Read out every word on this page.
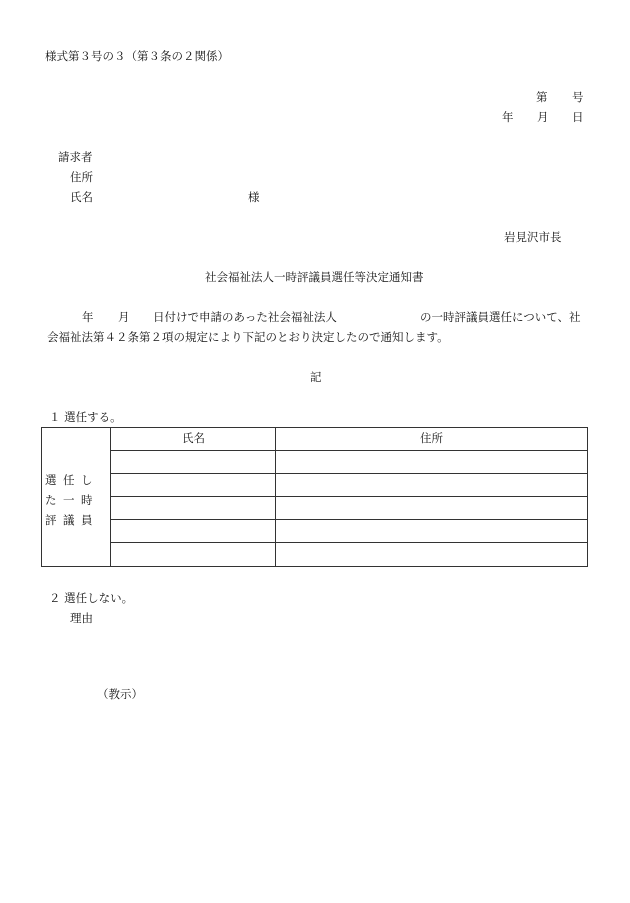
様式第３号の３（第３条の２関係）
第 号
年 月 日
請求者
住所
氏名	様
岩見沢市長
社会福祉法人一時評議員選任等決定通知書
年 月 日付けで申請のあった社会福祉法人	の一時評議員選任について、社
会福祉法第４２条第２項の規定により下記のとおり決定したので通知します。
記
１ 選任する。
氏名	住所
選任した一時評議員
２ 選任しない。
理由
（教示）
